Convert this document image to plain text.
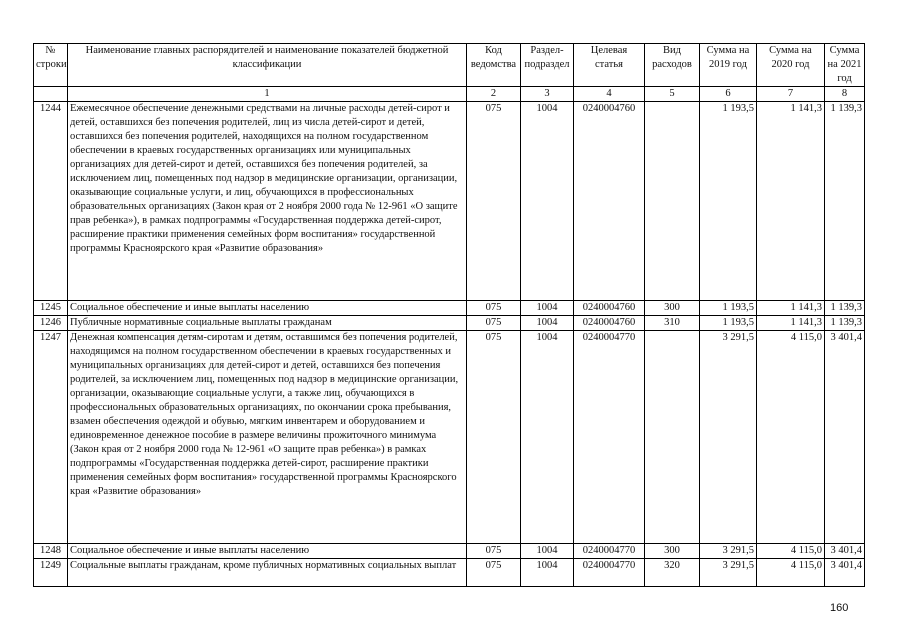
№ строки	Наименование главных распорядителей и наименование показателей бюджетной классификации	Код ведомства	Раздел-подраздел	Целевая статья	Вид расходов	Сумма на 2019 год	Сумма на 2020 год	Сумма на 2021 год
	1	2	3	4	5	6	7	8
1244	Ежемесячное обеспечение денежными средствами на личные расходы детей-сирот и детей, оставшихся без попечения родителей, лиц из числа детей-сирот и детей, оставшихся без попечения родителей, находящихся на полном государственном обеспечении в краевых государственных организациях или муниципальных организациях для детей-сирот и детей, оставшихся без попечения родителей, за исключением лиц, помещенных под надзор в медицинские организации, организации, оказывающие социальные услуги, и лиц, обучающихся в профессиональных образовательных организациях (Закон края от 2 ноября 2000 года № 12-961 «О защите прав ребенка»), в рамках подпрограммы «Государственная поддержка детей-сирот, расширение практики применения семейных форм воспитания» государственной программы Красноярского края «Развитие образования»	075	1004	0240004760		1 193,5	1 141,3	1 139,3
1245	Социальное обеспечение и иные выплаты населению	075	1004	0240004760	300	1 193,5	1 141,3	1 139,3
1246	Публичные нормативные социальные выплаты гражданам	075	1004	0240004760	310	1 193,5	1 141,3	1 139,3
1247	Денежная компенсация детям-сиротам и детям, оставшимся без попечения родителей, находящимся на полном государственном обеспечении в краевых государственных и муниципальных организациях для детей-сирот и детей, оставшихся без попечения родителей, за исключением лиц, помещенных под надзор в медицинские организации, организации, оказывающие социальные услуги, а также лиц, обучающихся в профессиональных образовательных организациях, по окончании срока пребывания, взамен обеспечения одеждой и обувью, мягким инвентарем и оборудованием и единовременное денежное пособие в размере величины прожиточного минимума (Закон края от 2 ноября 2000 года № 12-961 «О защите прав ребенка») в рамках подпрограммы «Государственная поддержка детей-сирот, расширение практики применения семейных форм воспитания» государственной программы Красноярского края «Развитие образования»	075	1004	0240004770		3 291,5	4 115,0	3 401,4
1248	Социальное обеспечение и иные выплаты населению	075	1004	0240004770	300	3 291,5	4 115,0	3 401,4
1249	Социальные выплаты гражданам, кроме публичных нормативных социальных выплат	075	1004	0240004770	320	3 291,5	4 115,0	3 401,4
160
